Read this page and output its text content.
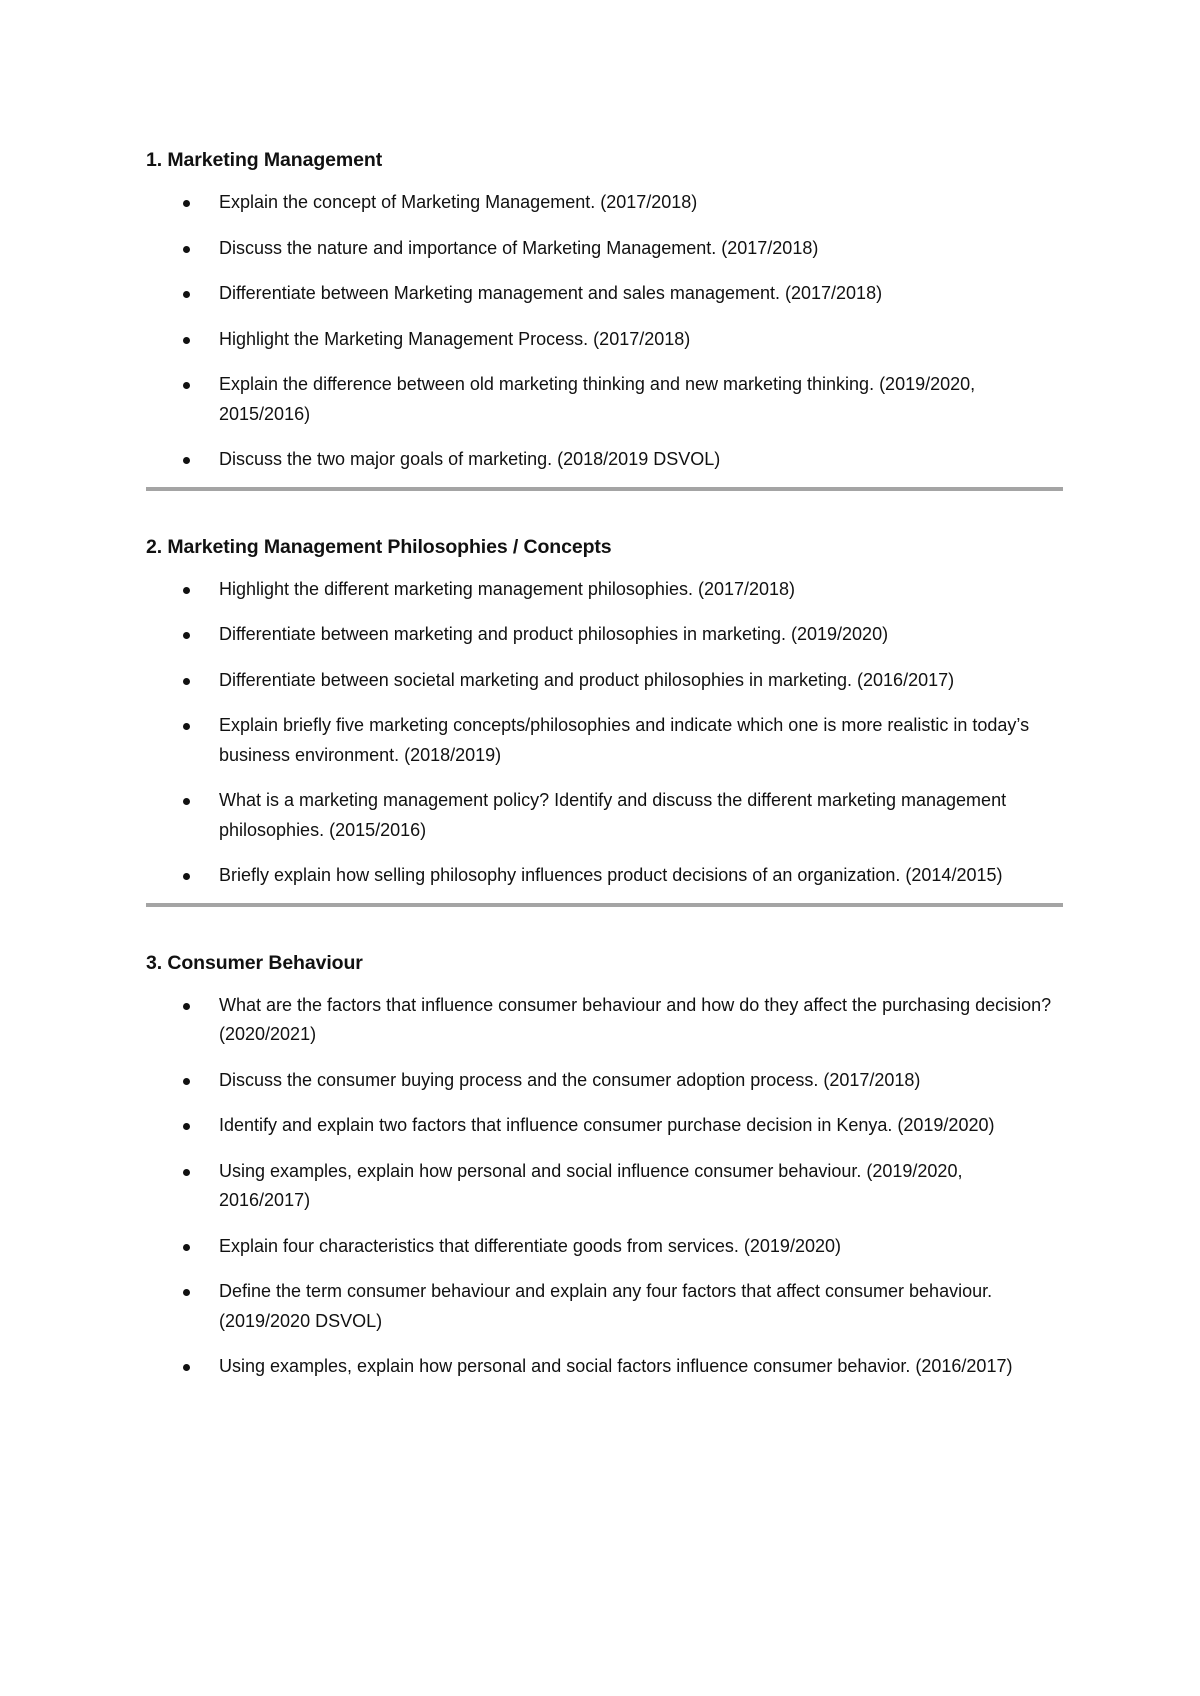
1. Marketing Management
Explain the concept of Marketing Management. (2017/2018)
Discuss the nature and importance of Marketing Management. (2017/2018)
Differentiate between Marketing management and sales management. (2017/2018)
Highlight the Marketing Management Process. (2017/2018)
Explain the difference between old marketing thinking and new marketing thinking. (2019/2020, 2015/2016)
Discuss the two major goals of marketing. (2018/2019 DSVOL)
2. Marketing Management Philosophies / Concepts
Highlight the different marketing management philosophies. (2017/2018)
Differentiate between marketing and product philosophies in marketing. (2019/2020)
Differentiate between societal marketing and product philosophies in marketing. (2016/2017)
Explain briefly five marketing concepts/philosophies and indicate which one is more realistic in today’s business environment. (2018/2019)
What is a marketing management policy? Identify and discuss the different marketing management philosophies. (2015/2016)
Briefly explain how selling philosophy influences product decisions of an organization. (2014/2015)
3. Consumer Behaviour
What are the factors that influence consumer behaviour and how do they affect the purchasing decision? (2020/2021)
Discuss the consumer buying process and the consumer adoption process. (2017/2018)
Identify and explain two factors that influence consumer purchase decision in Kenya. (2019/2020)
Using examples, explain how personal and social influence consumer behaviour. (2019/2020, 2016/2017)
Explain four characteristics that differentiate goods from services. (2019/2020)
Define the term consumer behaviour and explain any four factors that affect consumer behaviour. (2019/2020 DSVOL)
Using examples, explain how personal and social factors influence consumer behavior. (2016/2017)
